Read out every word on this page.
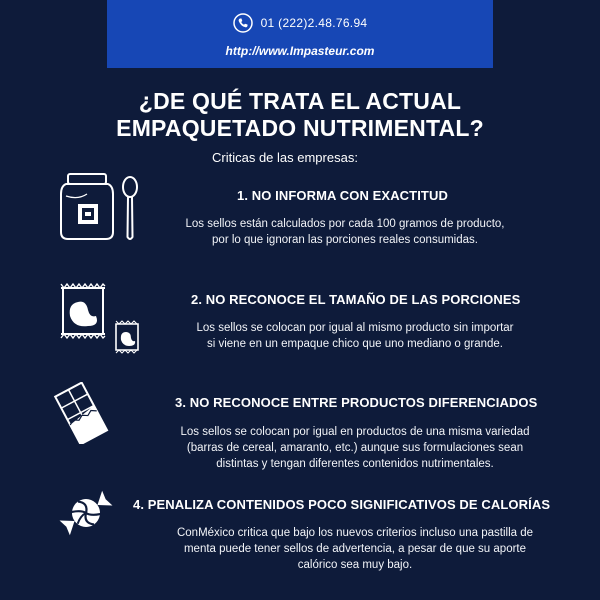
01 (222)2.48.76.94
http://www.Impasteur.com
¿DE QUÉ TRATA EL ACTUAL
EMPAQUETADO NUTRIMENTAL?
Criticas de las empresas:
1. NO INFORMA CON EXACTITUD
Los sellos están calculados por cada 100 gramos de producto,
por lo que ignoran las porciones reales consumidas.
2. NO RECONOCE EL TAMAÑO DE LAS PORCIONES
Los sellos se colocan por igual al mismo producto sin importar
si viene en un empaque chico que uno mediano o grande.
3. NO RECONOCE ENTRE PRODUCTOS DIFERENCIADOS
Los sellos se colocan por igual en productos de una misma variedad
(barras de cereal, amaranto, etc.) aunque sus formulaciones sean
distintas y tengan diferentes contenidos nutrimentales.
4. PENALIZA CONTENIDOS POCO SIGNIFICATIVOS DE CALORÍAS
ConMéxico critica que bajo los nuevos criterios incluso una pastilla de
menta puede tener sellos de advertencia, a pesar de que su aporte
calórico sea muy bajo.
